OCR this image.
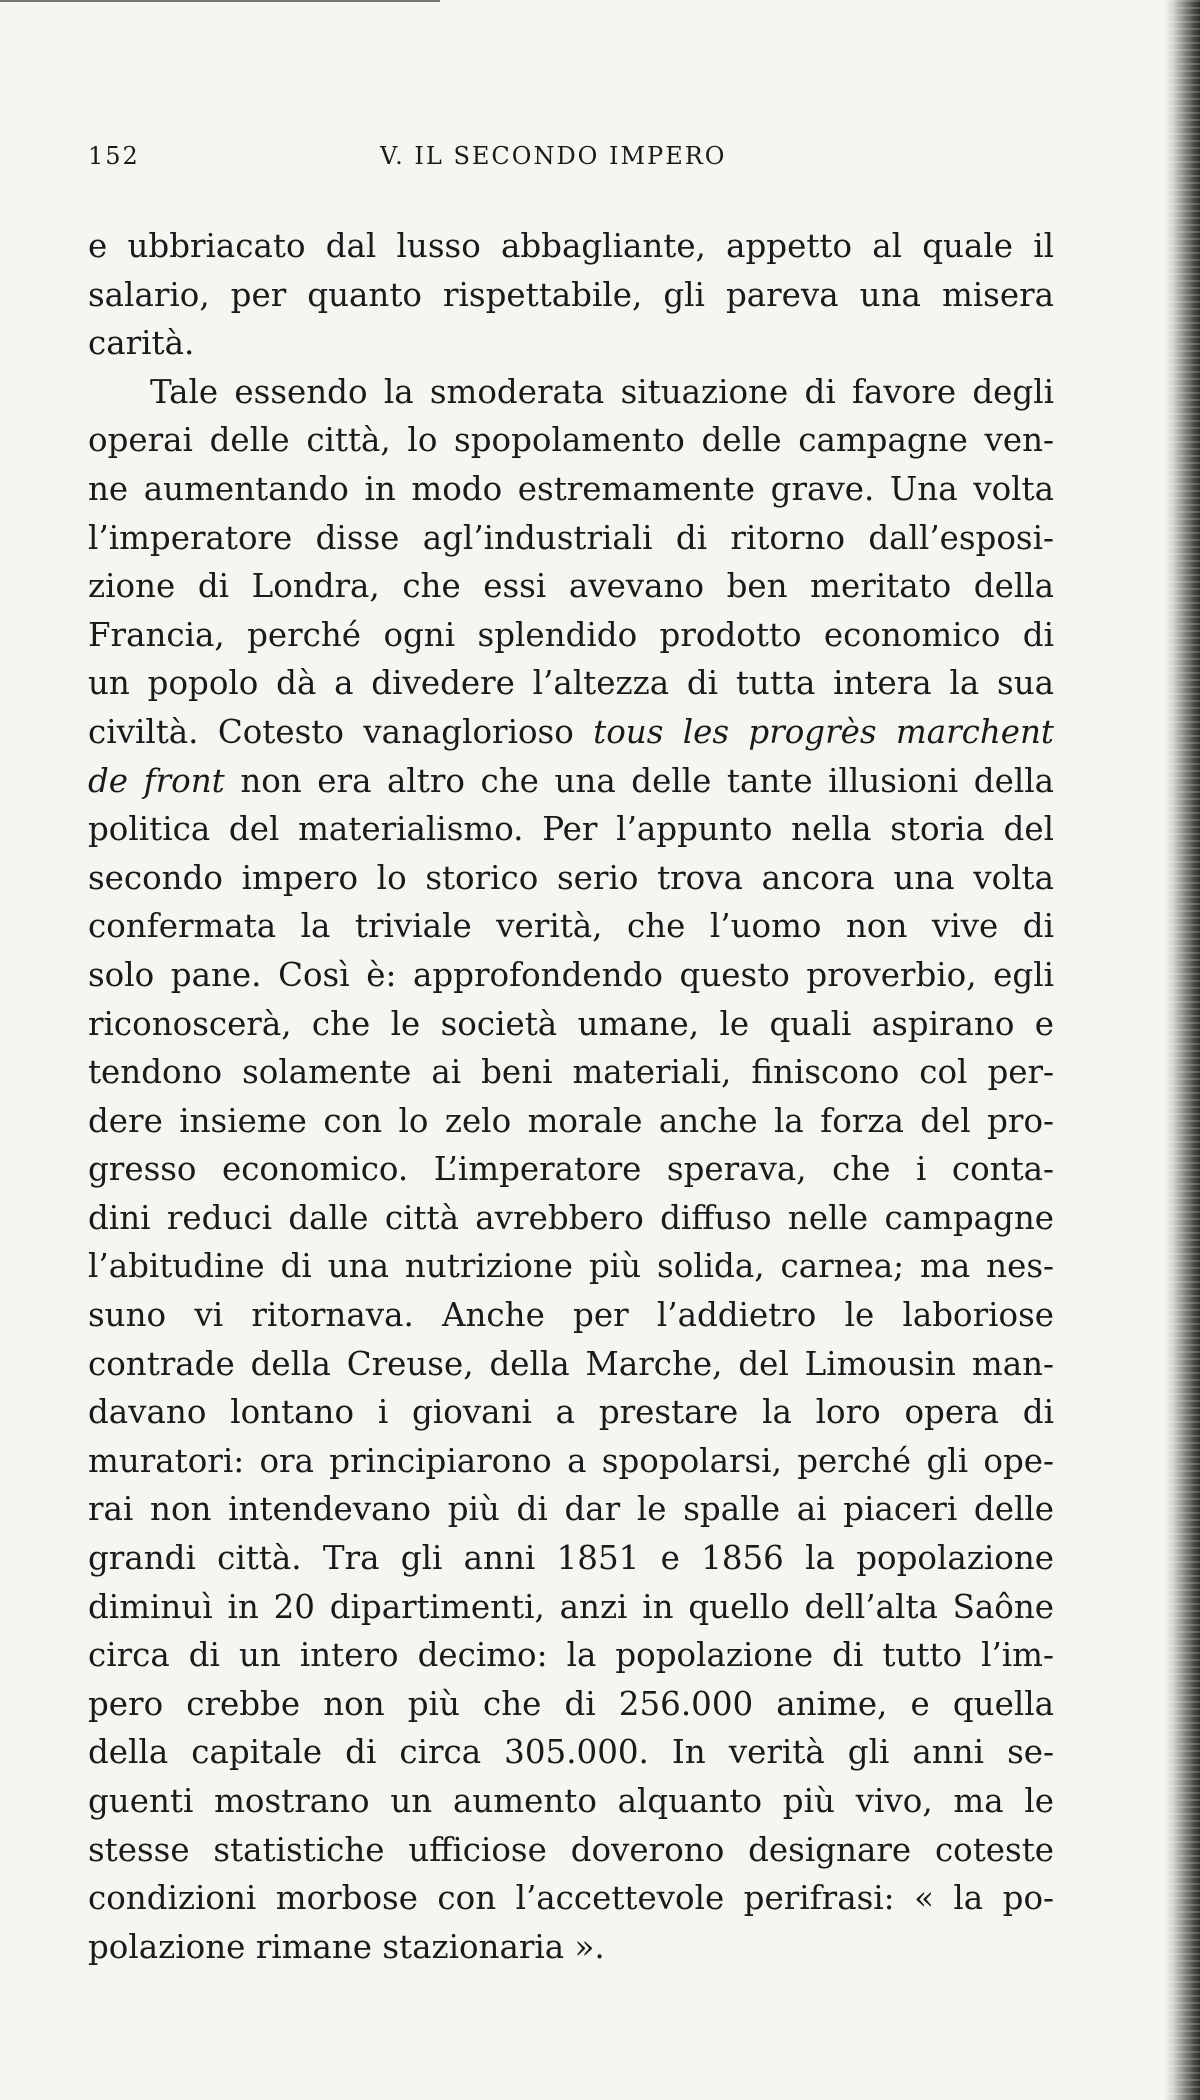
152	V. IL SECONDO IMPERO
e ubbriacato dal lusso abbagliante, appetto al quale il
salario, per quanto rispettabile, gli pareva una misera
carità.
Tale essendo la smoderata situazione di favore degli
operai delle città, lo spopolamento delle campagne ven-
ne aumentando in modo estremamente grave. Una volta
l’imperatore disse agl’industriali di ritorno dall’esposi-
zione di Londra, che essi avevano ben meritato della
Francia, perché ogni splendido prodotto economico di
un popolo dà a divedere l’altezza di tutta intera la sua
civiltà. Cotesto vanaglorioso tous les progrès marchent
de front non era altro che una delle tante illusioni della
politica del materialismo. Per l’appunto nella storia del
secondo impero lo storico serio trova ancora una volta
confermata la triviale verità, che l’uomo non vive di
solo pane. Così è: approfondendo questo proverbio, egli
riconoscerà, che le società umane, le quali aspirano e
tendono solamente ai beni materiali, finiscono col per-
dere insieme con lo zelo morale anche la forza del pro-
gresso economico. L’imperatore sperava, che i conta-
dini reduci dalle città avrebbero diffuso nelle campagne
l’abitudine di una nutrizione più solida, carnea; ma nes-
suno vi ritornava. Anche per l’addietro le laboriose
contrade della Creuse, della Marche, del Limousin man-
davano lontano i giovani a prestare la loro opera di
muratori: ora principiarono a spopolarsi, perché gli ope-
rai non intendevano più di dar le spalle ai piaceri delle
grandi città. Tra gli anni 1851 e 1856 la popolazione
diminuì in 20 dipartimenti, anzi in quello dell’alta Saône
circa di un intero decimo: la popolazione di tutto l’im-
pero crebbe non più che di 256.000 anime, e quella
della capitale di circa 305.000. In verità gli anni se-
guenti mostrano un aumento alquanto più vivo, ma le
stesse statistiche ufficiose doverono designare coteste
condizioni morbose con l’accettevole perifrasi: « la po-
polazione rimane stazionaria ».
